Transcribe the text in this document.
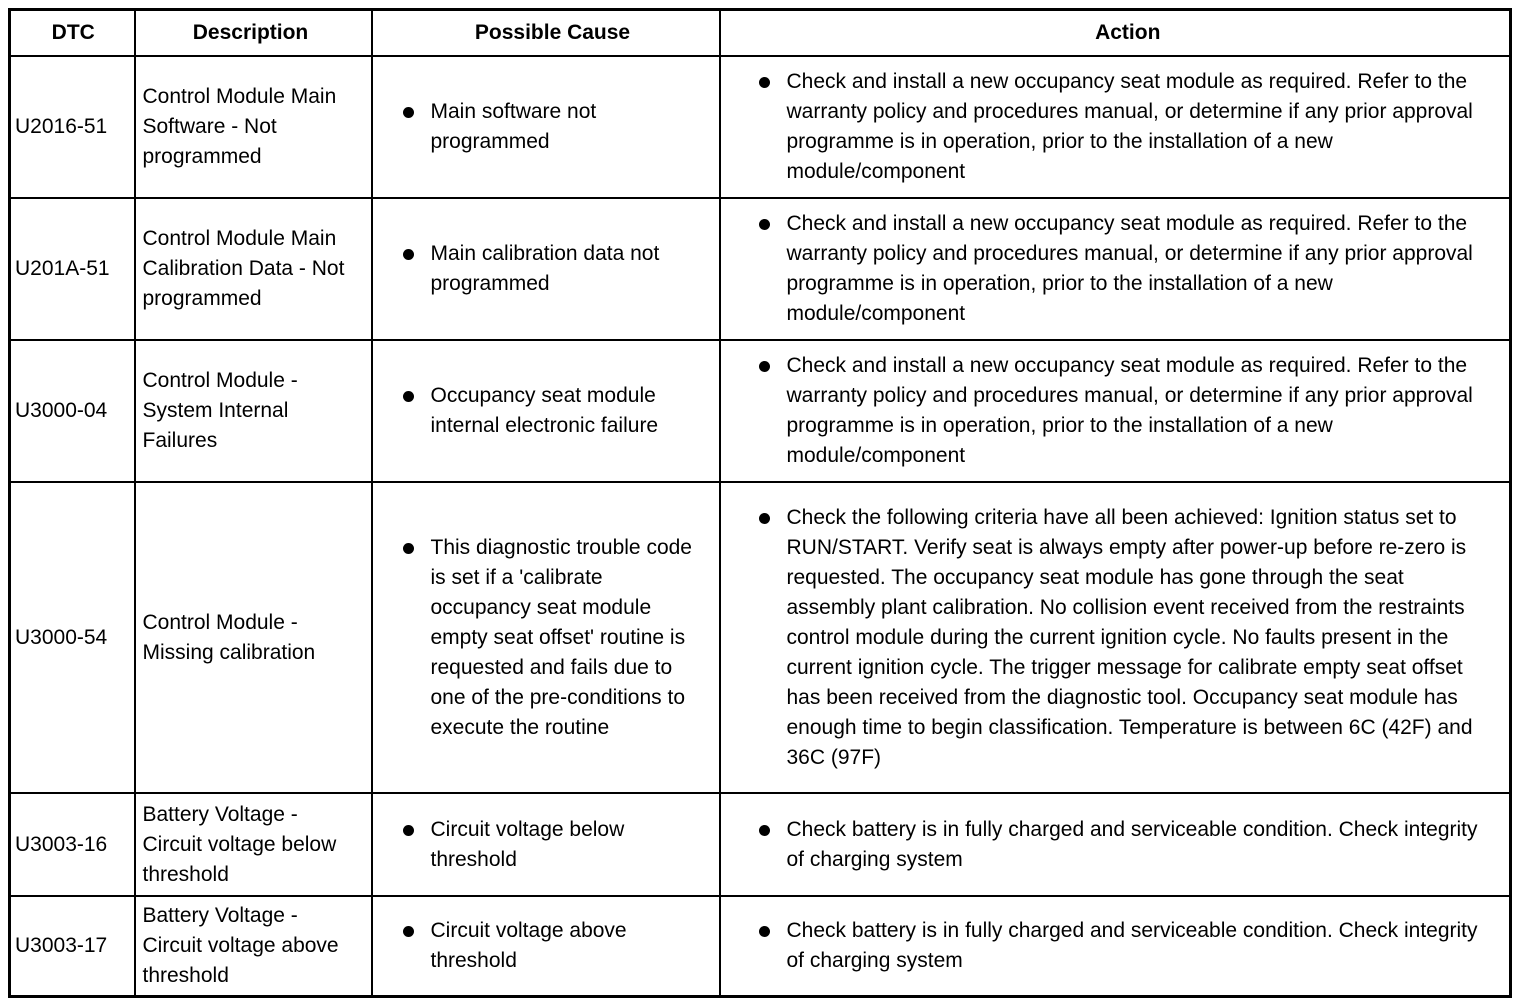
DTC	Description	Possible Cause	Action
U2016-51	Control Module Main Software - Not programmed	Main software not programmed	Check and install a new occupancy seat module as required. Refer to the warranty policy and procedures manual, or determine if any prior approval programme is in operation, prior to the installation of a new module/component

U201A-51	Control Module Main Calibration Data - Not programmed	Main calibration data not programmed	Check and install a new occupancy seat module as required. Refer to the warranty policy and procedures manual, or determine if any prior approval programme is in operation, prior to the installation of a new module/component

U3000-04	Control Module - System Internal Failures	Occupancy seat module internal electronic failure	Check and install a new occupancy seat module as required. Refer to the warranty policy and procedures manual, or determine if any prior approval programme is in operation, prior to the installation of a new module/component

U3000-54	Control Module - Missing calibration	This diagnostic trouble code is set if a 'calibrate occupancy seat module empty seat offset' routine is requested and fails due to one of the pre-conditions to execute the routine	Check the following criteria have all been achieved: Ignition status set to RUN/START. Verify seat is always empty after power-up before re-zero is requested. The occupancy seat module has gone through the seat assembly plant calibration. No collision event received from the restraints control module during the current ignition cycle. No faults present in the current ignition cycle. The trigger message for calibrate empty seat offset has been received from the diagnostic tool. Occupancy seat module has enough time to begin classification. Temperature is between 6C (42F) and 36C (97F)

U3003-16	Battery Voltage - Circuit voltage below threshold	Circuit voltage below threshold	Check battery is in fully charged and serviceable condition. Check integrity of charging system

U3003-17	Battery Voltage - Circuit voltage above threshold	Circuit voltage above threshold	Check battery is in fully charged and serviceable condition. Check integrity of charging system
